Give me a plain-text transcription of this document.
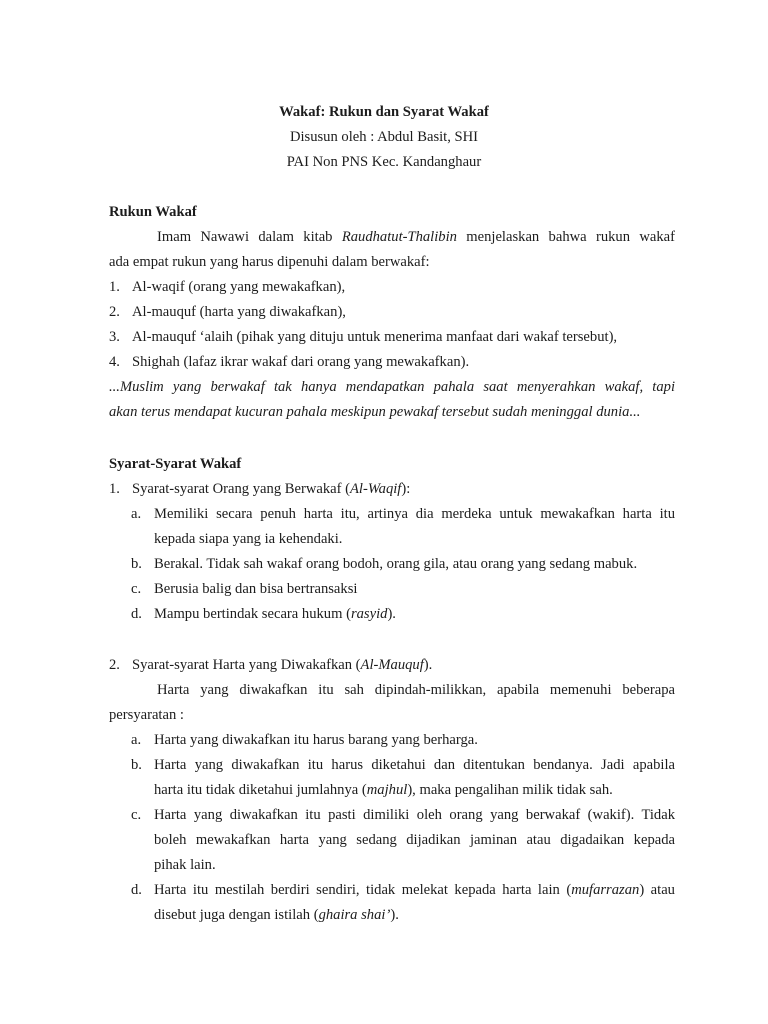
Wakaf: Rukun dan Syarat Wakaf
Disusun oleh : Abdul Basit, SHI
PAI Non PNS Kec. Kandanghaur
Rukun Wakaf
Imam Nawawi dalam kitab Raudhatut-Thalibin menjelaskan bahwa rukun wakaf
ada empat rukun yang harus dipenuhi dalam berwakaf:
1. Al-waqif (orang yang mewakafkan),
2. Al-mauquf (harta yang diwakafkan),
3. Al-mauquf ‘alaih (pihak yang dituju untuk menerima manfaat dari wakaf tersebut),
4. Shighah (lafaz ikrar wakaf dari orang yang mewakafkan).
...Muslim yang berwakaf tak hanya mendapatkan pahala saat menyerahkan wakaf, tapi
akan terus mendapat kucuran pahala meskipun pewakaf tersebut sudah meninggal dunia...
Syarat-Syarat Wakaf
1. Syarat-syarat Orang yang Berwakaf (Al-Waqif):
a. Memiliki secara penuh harta itu, artinya dia merdeka untuk mewakafkan harta itu
kepada siapa yang ia kehendaki.
b. Berakal. Tidak sah wakaf orang bodoh, orang gila, atau orang yang sedang mabuk.
c. Berusia balig dan bisa bertransaksi
d. Mampu bertindak secara hukum (rasyid).
2. Syarat-syarat Harta yang Diwakafkan (Al-Mauquf).
Harta yang diwakafkan itu sah dipindah-milikkan, apabila memenuhi beberapa
persyaratan :
a. Harta yang diwakafkan itu harus barang yang berharga.
b. Harta yang diwakafkan itu harus diketahui dan ditentukan bendanya. Jadi apabila
harta itu tidak diketahui jumlahnya (majhul), maka pengalihan milik tidak sah.
c. Harta yang diwakafkan itu pasti dimiliki oleh orang yang berwakaf (wakif). Tidak
boleh mewakafkan harta yang sedang dijadikan jaminan atau digadaikan kepada
pihak lain.
d. Harta itu mestilah berdiri sendiri, tidak melekat kepada harta lain (mufarrazan) atau
disebut juga dengan istilah (ghaira shai’).
